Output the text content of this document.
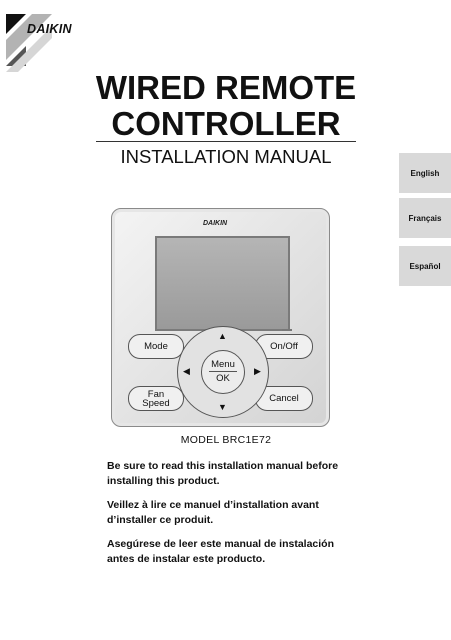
DAIKIN
WIRED REMOTE
CONTROLLER
INSTALLATION MANUAL
English
Français
Español
DAIKIN
Mode	On/Off
Fan
Speed	Cancel
▲
▼
◀	▶
Menu
OK
MODEL BRC1E72

Be sure to read this installation manual before
installing this product.

Veillez à lire ce manuel d’installation avant
d’installer ce produit.

Asegúrese de leer este manual de instalación
antes de instalar este producto.
